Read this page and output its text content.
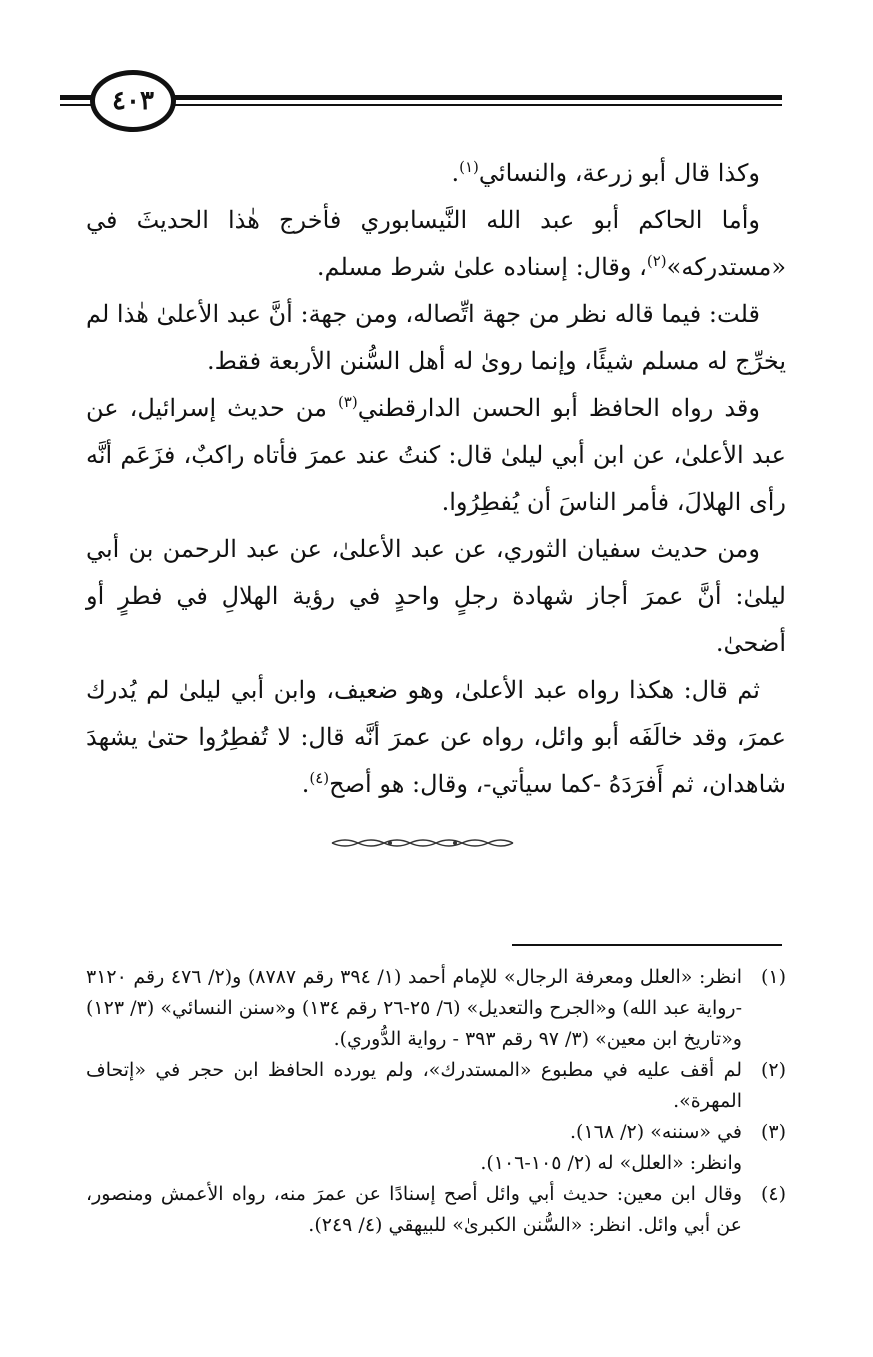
٤٠٣

وكذا قال أبو زرعة، والنسائي$^{(١)}$.

وأما الحاكم أبو عبد الله النَّيسابوري فأخرج هٰذا الحديثَ في «مستدركه»$^{(٢)}$، وقال: إسناده علىٰ شرط مسلم.

قلت: فيما قاله نظر من جهة اتِّصاله، ومن جهة: أنَّ عبد الأعلىٰ هٰذا لم يخرِّج له مسلم شيئًا، وإنما روىٰ له أهل السُّنن الأربعة فقط.

وقد رواه الحافظ أبو الحسن الدارقطني$^{(٣)}$ من حديث إسرائيل، عن عبد الأعلىٰ، عن ابن أبي ليلىٰ قال: كنتُ عند عمرَ فأتاه راكبٌ، فزَعَم أنَّه رأى الهلالَ، فأمر الناسَ أن يُفطِرُوا.

ومن حديث سفيان الثوري، عن عبد الأعلىٰ، عن عبد الرحمن بن أبي ليلىٰ: أنَّ عمرَ أجاز شهادة رجلٍ واحدٍ في رؤية الهلالِ في فطرٍ أو أضحىٰ.

ثم قال: هكذا رواه عبد الأعلىٰ، وهو ضعيف، وابن أبي ليلىٰ لم يُدرك عمرَ، وقد خالَفَه أبو وائل، رواه عن عمرَ أنَّه قال: لا تُفطِرُوا حتىٰ يشهدَ شاهدان، ثم أَفرَدَهُ -كما سيأتي-، وقال: هو أصح$^{(٤)}$.

(١)
انظر: «العلل ومعرفة الرجال» للإمام أحمد (١/ ٣٩٤ رقم ٨٧٨٧) و(٢/ ٤٧٦ رقم ٣١٢٠ -رواية عبد الله) و«الجرح والتعديل» (٦/ ٢٥-٢٦ رقم ١٣٤) و«سنن النسائي» (٣/ ١٢٣) و«تاريخ ابن معين» (٣/ ٩٧ رقم ٣٩٣ - رواية الدُّوري).
(٢)
لم أقف عليه في مطبوع «المستدرك»، ولم يورده الحافظ ابن حجر في «إتحاف المهرة».
(٣)
في «سننه» (٢/ ١٦٨).
وانظر: «العلل» له (٢/ ١٠٥-١٠٦).
(٤)
وقال ابن معين: حديث أبي وائل أصح إسنادًا عن عمرَ منه، رواه الأعمش ومنصور، عن أبي وائل. انظر: «السُّنن الكبرىٰ» للبيهقي (٤/ ٢٤٩).
